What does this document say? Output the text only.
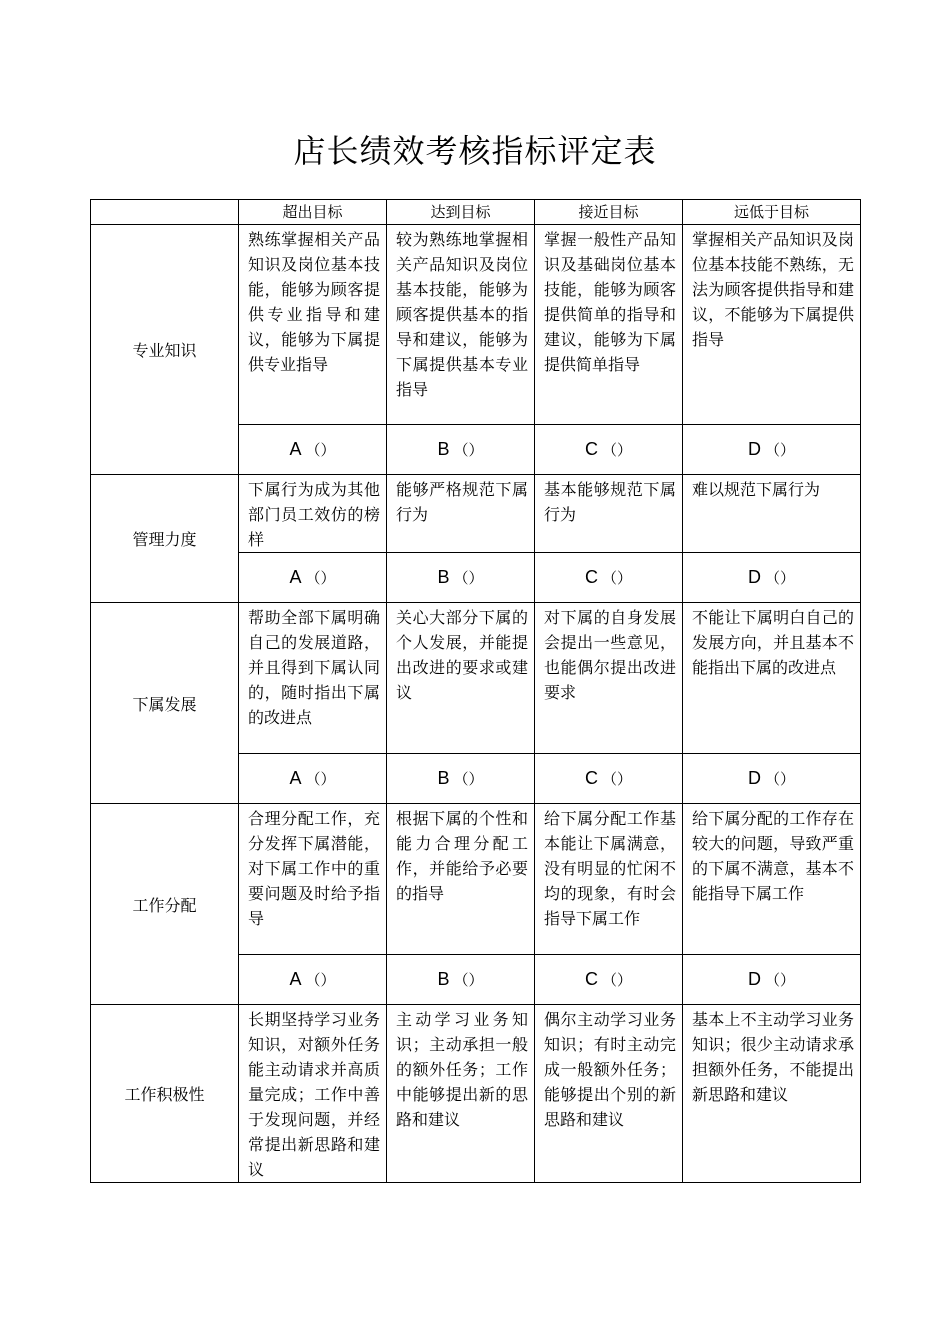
店长绩效考核指标评定表
	超出目标	达到目标	接近目标	远低于目标
专业知识	熟练掌握相关产品知识及岗位基本技能，能够为顾客提供专业指导和建议，能够为下属提供专业指导	较为熟练地掌握相关产品知识及岗位基本技能，能够为顾客提供基本的指导和建议，能够为下属提供基本专业指导	掌握一般性产品知识及基础岗位基本技能，能够为顾客提供简单的指导和建议，能够为下属提供简单指导	掌握相关产品知识及岗位基本技能不熟练，无法为顾客提供指导和建议，不能够为下属提供指导
	A （）	B （）	C （）	D （）
管理力度	下属行为成为其他部门员工效仿的榜样	能够严格规范下属行为	基本能够规范下属行为	难以规范下属行为
	A （）	B （）	C （）	D （）
下属发展	帮助全部下属明确自己的发展道路，并且得到下属认同的，随时指出下属的改进点	关心大部分下属的个人发展，并能提出改进的要求或建议	对下属的自身发展会提出一些意见，也能偶尔提出改进要求	不能让下属明白自己的发展方向，并且基本不能指出下属的改进点
	A （）	B （）	C （）	D （）
工作分配	合理分配工作，充分发挥下属潜能，对下属工作中的重要问题及时给予指导	根据下属的个性和能力合理分配工作，并能给予必要的指导	给下属分配工作基本能让下属满意，没有明显的忙闲不均的现象，有时会指导下属工作	给下属分配的工作存在较大的问题，导致严重的下属不满意，基本不能指导下属工作
	A （）	B （）	C （）	D （）
工作积极性	长期坚持学习业务知识，对额外任务能主动请求并高质量完成；工作中善于发现问题，并经常提出新思路和建议	主动学习业务知识；主动承担一般的额外任务；工作中能够提出新的思路和建议	偶尔主动学习业务知识；有时主动完成一般额外任务；能够提出个别的新思路和建议	基本上不主动学习业务知识；很少主动请求承担额外任务，不能提出新思路和建议
